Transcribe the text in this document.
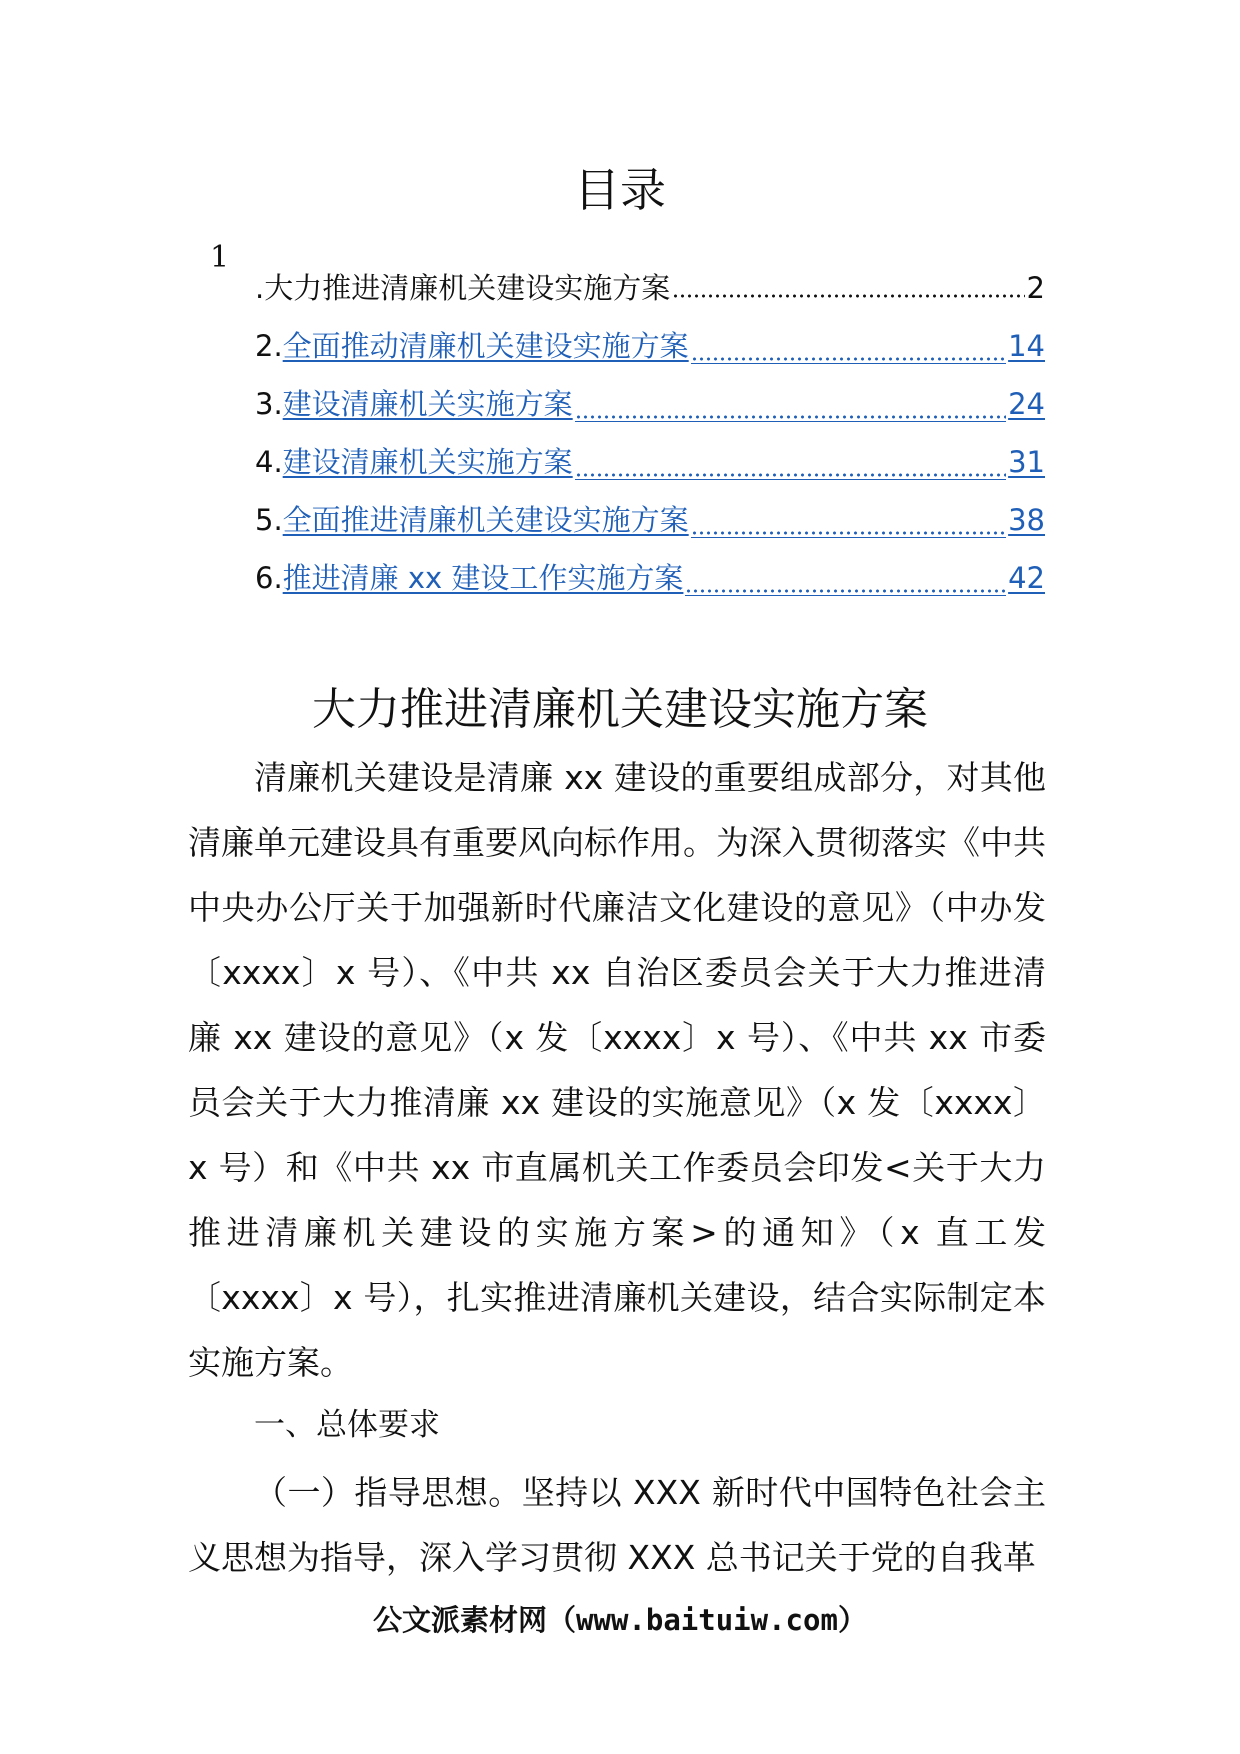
目录
1
.大力推进清廉机关建设实施方案	2
2. 全面推动清廉机关建设实施方案	14
3. 建设清廉机关实施方案	24
4. 建设清廉机关实施方案	31
5. 全面推进清廉机关建设实施方案	38
6. 推进清廉 xx 建设工作实施方案	42
大力推进清廉机关建设实施方案

清廉机关建设是清廉 xx 建设的重要组成部分，对其他清廉单元建设具有重要风向标作用。为深入贯彻落实《中共中央办公厅关于加强新时代廉洁文化建设的意见》（中办发〔xxxx〕x 号）、《中共 xx 自治区委员会关于大力推进清廉 xx 建设的意见》（x 发〔xxxx〕x 号）、《中共 xx 市委员会关于大力推清廉 xx 建设的实施意见》（x 发〔xxxx〕x 号）和《中共 xx 市直属机关工作委员会印发<关于大力推进清廉机关建设的实施方案>的通知》（x 直工发〔xxxx〕x 号），扎实推进清廉机关建设，结合实际制定本实施方案。

一、总体要求

（一）指导思想。坚持以 XXX 新时代中国特色社会主义思想为指导，深入学习贯彻 XXX 总书记关于党的自我革

公文派素材网（www.baituiw.com）
